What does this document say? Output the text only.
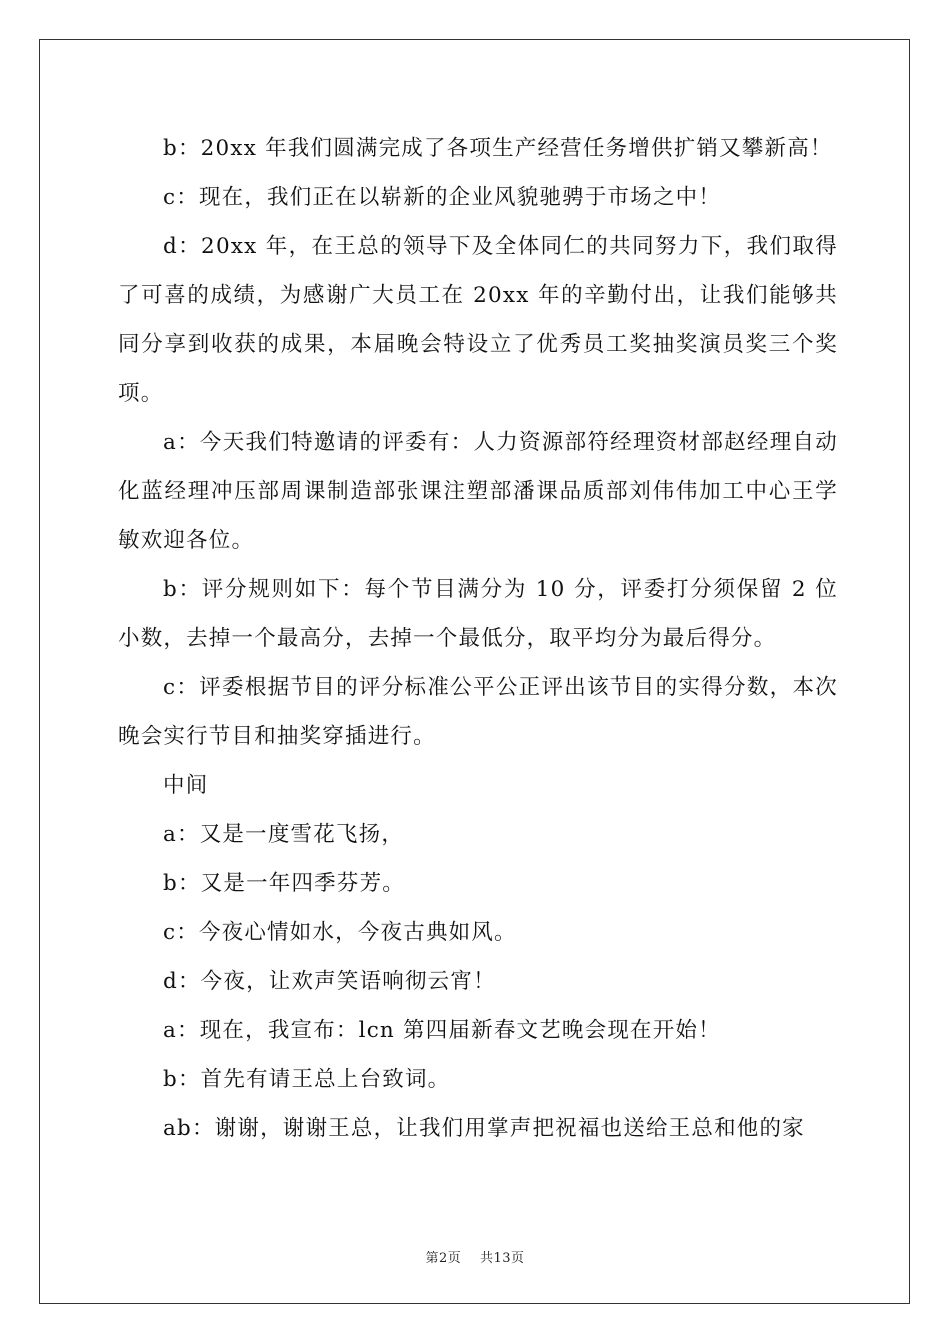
b：20xx 年我们圆满完成了各项生产经营任务增供扩销又攀新高！

c：现在，我们正在以崭新的企业风貌驰骋于市场之中！

d：20xx 年，在王总的领导下及全体同仁的共同努力下，我们取得了可喜的成绩，为感谢广大员工在 20xx 年的辛勤付出，让我们能够共同分享到收获的成果，本届晚会特设立了优秀员工奖抽奖演员奖三个奖项。

a：今天我们特邀请的评委有：人力资源部符经理资材部赵经理自动化蓝经理冲压部周课制造部张课注塑部潘课品质部刘伟伟加工中心王学敏欢迎各位。

b：评分规则如下：每个节目满分为 10 分，评委打分须保留 2 位小数，去掉一个最高分，去掉一个最低分，取平均分为最后得分。

c：评委根据节目的评分标准公平公正评出该节目的实得分数，本次晚会实行节目和抽奖穿插进行。

中间

a：又是一度雪花飞扬，

b：又是一年四季芬芳。

c：今夜心情如水，今夜古典如风。

d：今夜，让欢声笑语响彻云宵！

a：现在，我宣布：lcn 第四届新春文艺晚会现在开始！

b：首先有请王总上台致词。

ab：谢谢，谢谢王总，让我们用掌声把祝福也送给王总和他的家

第2页 共13页
